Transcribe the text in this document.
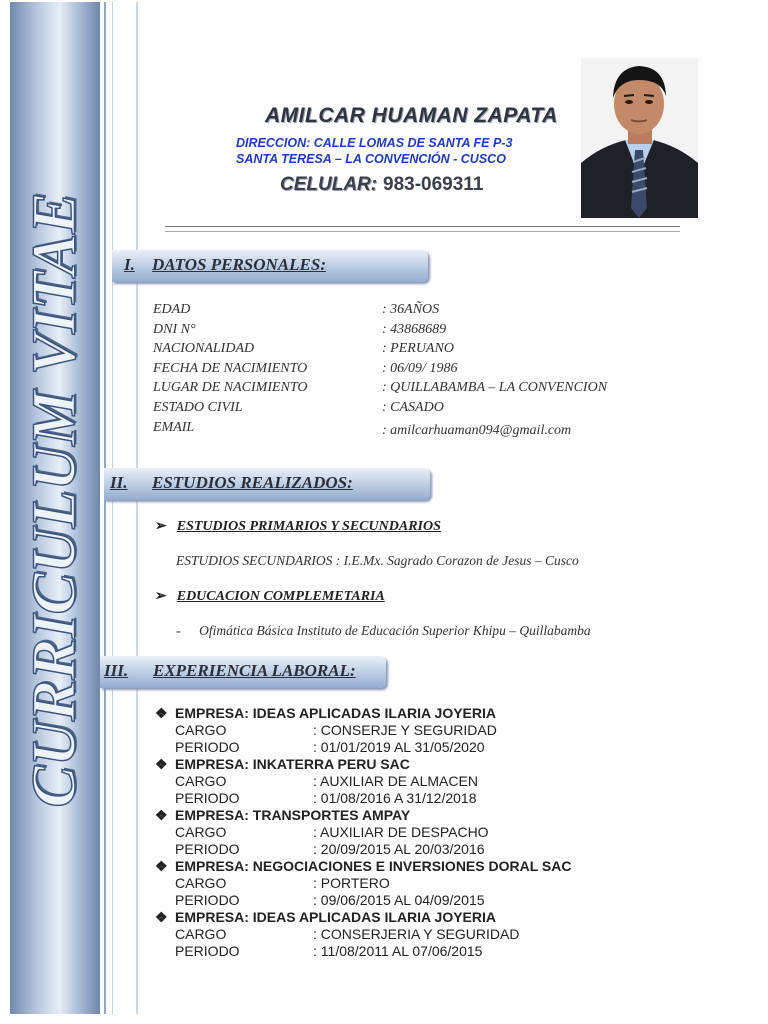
CURRICULUM VITAE
AMILCAR HUAMAN ZAPATA
DIRECCION: CALLE LOMAS DE SANTA FE P-3
SANTA TERESA – LA CONVENCIÓN - CUSCO
CELULAR: 983-069311
I. DATOS PERSONALES:
EDAD	: 36AÑOS
DNI N°	: 43868689
NACIONALIDAD	: PERUANO
FECHA DE NACIMIENTO	: 06/09/ 1986
LUGAR DE NACIMIENTO	: QUILLABAMBA – LA CONVENCION
ESTADO CIVIL	: CASADO
EMAIL	: amilcarhuaman094@gmail.com
II. ESTUDIOS REALIZADOS:
➢ ESTUDIOS PRIMARIOS Y SECUNDARIOS
ESTUDIOS SECUNDARIOS : I.E.Mx. Sagrado Corazon de Jesus – Cusco
➢ EDUCACION COMPLEMETARIA
- Ofimática Básica Instituto de Educación Superior Khipu – Quillabamba
III. EXPERIENCIA LABORAL:
❖ EMPRESA: IDEAS APLICADAS ILARIA JOYERIA
CARGO	: CONSERJE Y SEGURIDAD
PERIODO	: 01/01/2019 AL 31/05/2020
❖ EMPRESA: INKATERRA PERU SAC
CARGO	: AUXILIAR DE ALMACEN
PERIODO	: 01/08/2016 A 31/12/2018
❖ EMPRESA: TRANSPORTES AMPAY
CARGO	: AUXILIAR DE DESPACHO
PERIODO	: 20/09/2015 AL 20/03/2016
❖ EMPRESA: NEGOCIACIONES E INVERSIONES DORAL SAC
CARGO	: PORTERO
PERIODO	: 09/06/2015 AL 04/09/2015
❖ EMPRESA: IDEAS APLICADAS ILARIA JOYERIA
CARGO	: CONSERJERIA Y SEGURIDAD
PERIODO	: 11/08/2011 AL 07/06/2015
